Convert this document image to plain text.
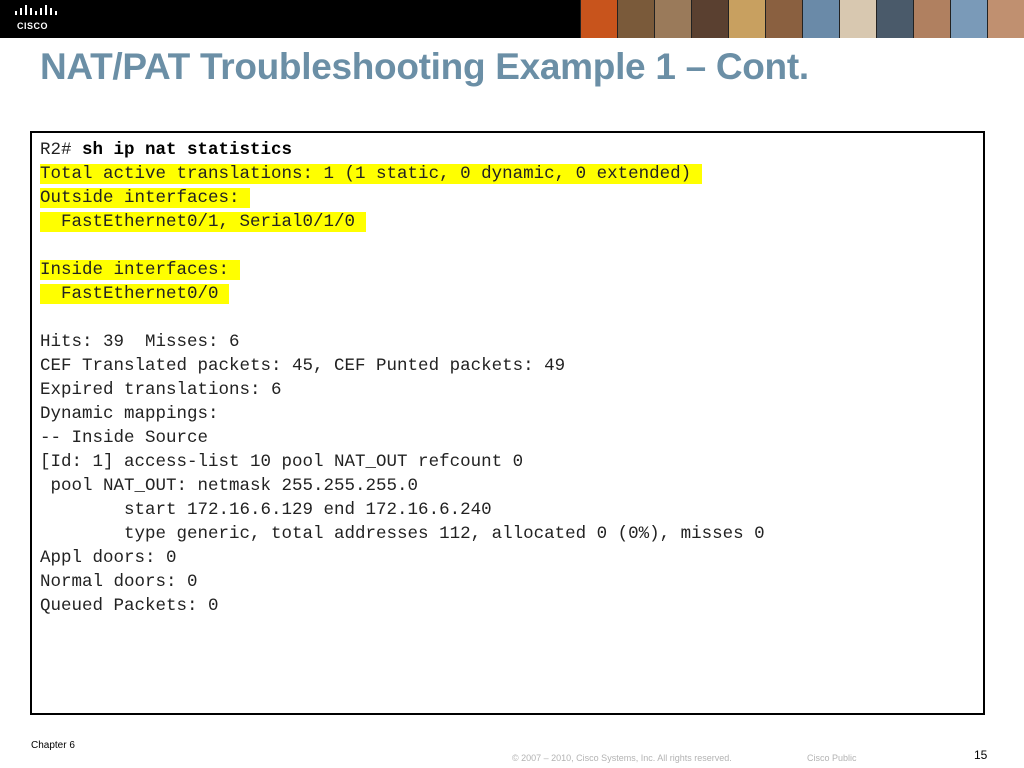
CISCO
NAT/PAT Troubleshooting Example 1 – Cont.
R2# sh ip nat statistics
Total active translations: 1 (1 static, 0 dynamic, 0 extended)
Outside interfaces:
FastEthernet0/1, Serial0/1/0
Inside interfaces:
FastEthernet0/0
Hits: 39  Misses: 6
CEF Translated packets: 45, CEF Punted packets: 49
Expired translations: 6
Dynamic mappings:
-- Inside Source
[Id: 1] access-list 10 pool NAT_OUT refcount 0
pool NAT_OUT: netmask 255.255.255.0
start 172.16.6.129 end 172.16.6.240
type generic, total addresses 112, allocated 0 (0%), misses 0
Appl doors: 0
Normal doors: 0
Queued Packets: 0
Chapter 6
© 2007 – 2010, Cisco Systems, Inc. All rights reserved.	Cisco Public	15
